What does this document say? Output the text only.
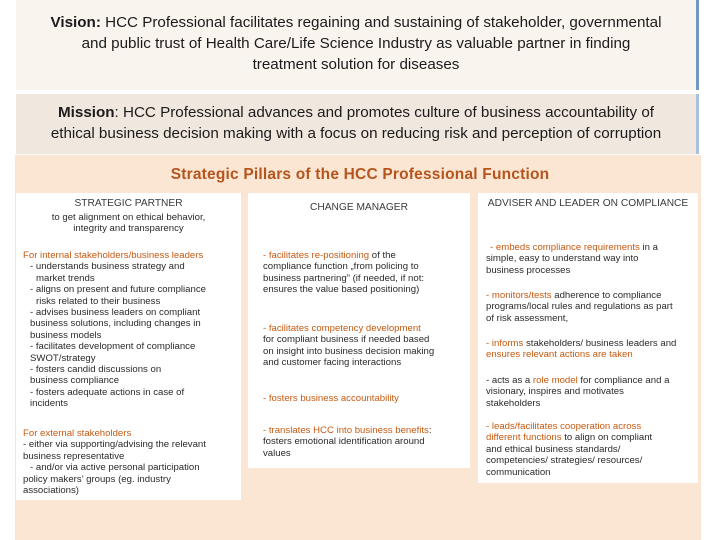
Vision: HCC Professional facilitates regaining and sustaining of stakeholder, governmental
and public trust of Health Care/Life Science Industry as valuable partner in finding
treatment solution for diseases
Mission: HCC Professional advances and promotes culture of business accountability of
ethical business decision making with a focus on reducing risk and perception of corruption
Strategic Pillars of the HCC Professional Function
STRATEGIC PARTNER
to get alignment on ethical behavior,
integrity and transparency
For internal stakeholders/business leaders
- understands business strategy and
market trends
- aligns on present and future compliance
risks related to their business
- advises business leaders on compliant
business solutions, including changes in
business models
- facilitates development of compliance
SWOT/strategy
- fosters candid discussions on
business compliance
- fosters adequate actions in case of
incidents
For external stakeholders
- either via supporting/advising the relevant
business representative
- and/or via active personal participation
policy makers’ groups (eg. industry
associations)
CHANGE MANAGER
- facilitates re-positioning of the
compliance function „from policing to
business partnering” (if needed, if not:
ensures the value based positioning)
- facilitates competency development
for compliant business if needed based
on insight into business decision making
and customer facing interactions
- fosters business accountability
- translates HCC into business benefits:
fosters emotional identification around
values
ADVISER AND LEADER ON COMPLIANCE
- embeds compliance requirements in a
simple, easy to understand way into
business processes
- monitors/tests adherence to compliance
programs/local rules and regulations as part
of risk assessment,
- informs stakeholders/ business leaders and
ensures relevant actions are taken
- acts as a role model for compliance and a
visionary, inspires and motivates
stakeholders
- leads/facilitates cooperation across
different functions to align on compliant
and ethical business standards/
competencies/ strategies/ resources/
communication
